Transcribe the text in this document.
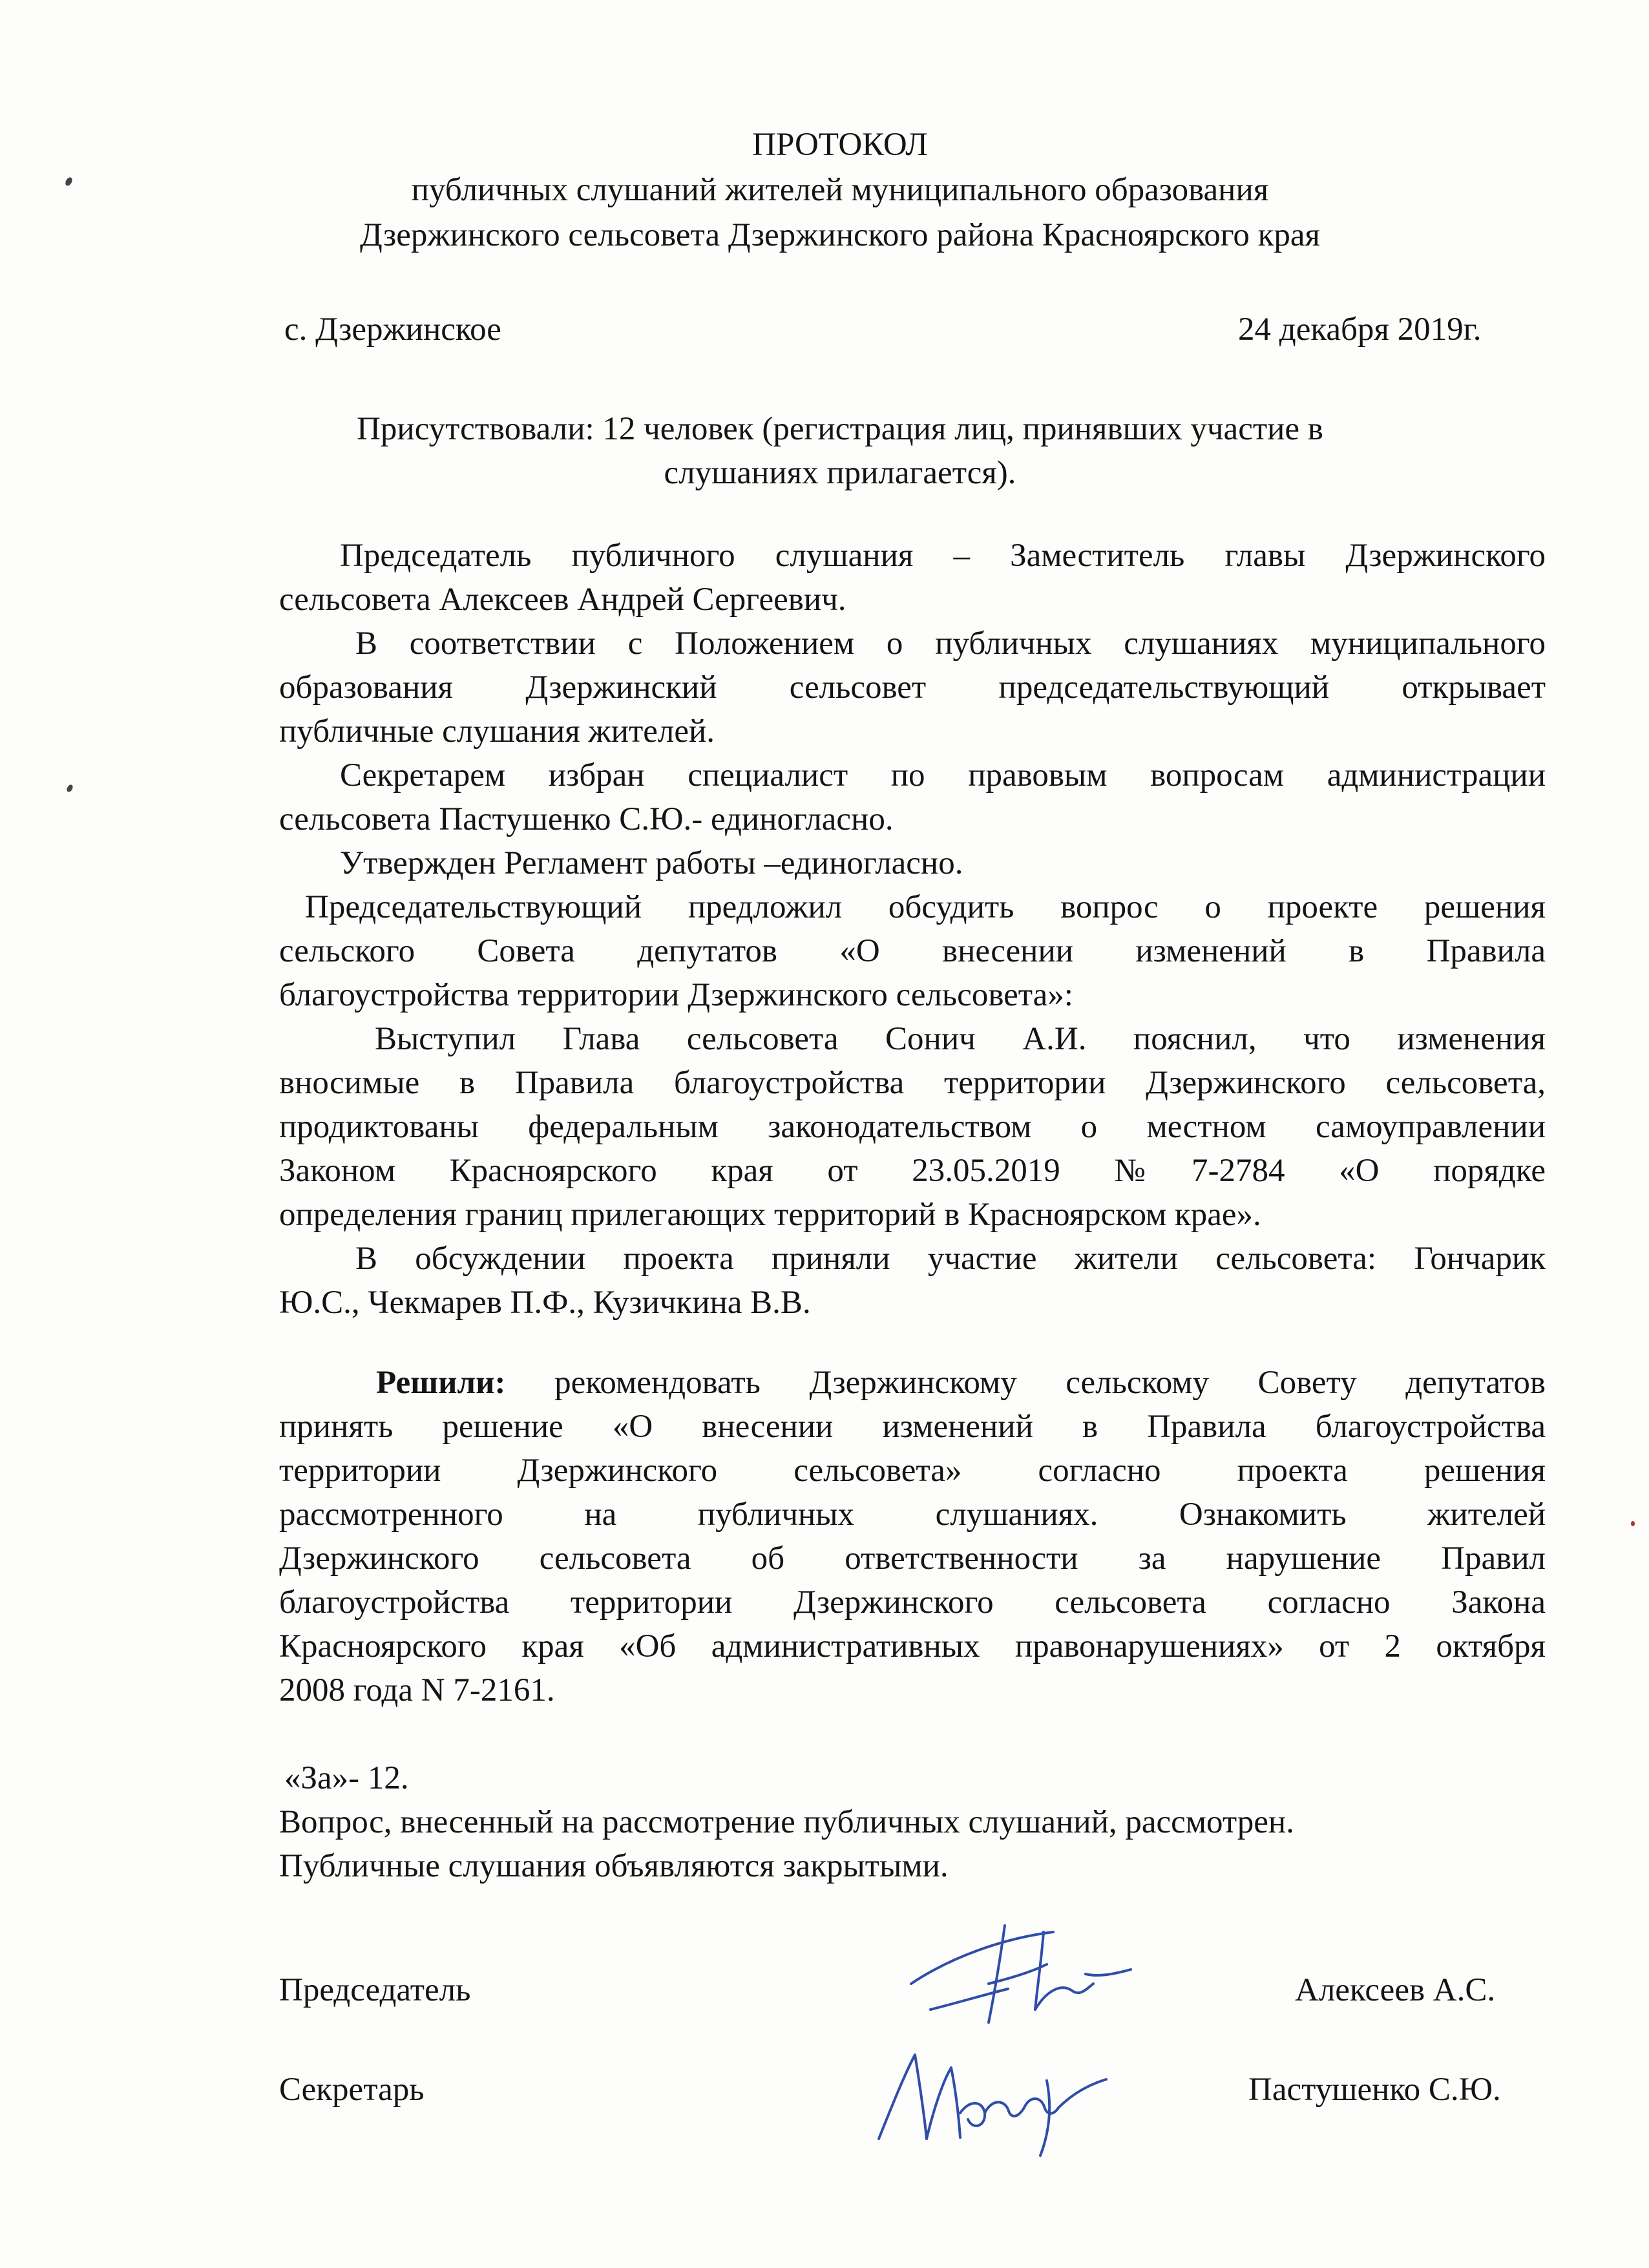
ПРОТОКОЛ
публичных слушаний жителей муниципального образования
Дзержинского сельсовета Дзержинского района Красноярского края
с. Дзержинское	24 декабря 2019г.
Присутствовали: 12 человек (регистрация лиц, принявших участие в
слушаниях прилагается).
Председатель публичного слушания – Заместитель главы Дзержинского
сельсовета Алексеев Андрей Сергеевич.
В соответствии с Положением о публичных слушаниях муниципального
образования Дзержинский сельсовет председательствующий открывает
публичные слушания жителей.
Секретарем избран специалист по правовым вопросам администрации
сельсовета Пастушенко С.Ю.- единогласно.
Утвержден Регламент работы –единогласно.
Председательствующий предложил обсудить вопрос о проекте решения
сельского Совета депутатов «О внесении изменений в Правила
благоустройства территории Дзержинского сельсовета»:
Выступил Глава сельсовета Сонич А.И. пояснил, что изменения
вносимые в Правила благоустройства территории Дзержинского сельсовета,
продиктованы федеральным законодательством о местном самоуправлении
Законом Красноярского края от 23.05.2019 №7-2784 «О порядке
определения границ прилегающих территорий в Красноярском крае».
В обсуждении проекта приняли участие жители сельсовета: Гончарик
Ю.С., Чекмарев П.Ф., Кузичкина В.В.
Решили: рекомендовать Дзержинскому сельскому Совету депутатов
принять решение «О внесении изменений в Правила благоустройства
территории Дзержинского сельсовета» согласно проекта решения
рассмотренного на публичных слушаниях. Ознакомить жителей
Дзержинского сельсовета об ответственности за нарушение Правил
благоустройства территории Дзержинского сельсовета согласно Закона
Красноярского края «Об административных правонарушениях» от 2 октября
2008 года N 7-2161.
«За»- 12.
Вопрос, внесенный на рассмотрение публичных слушаний, рассмотрен.
Публичные слушания объявляются закрытыми.
Председатель	Алексеев А.С.
Секретарь	Пастушенко С.Ю.
